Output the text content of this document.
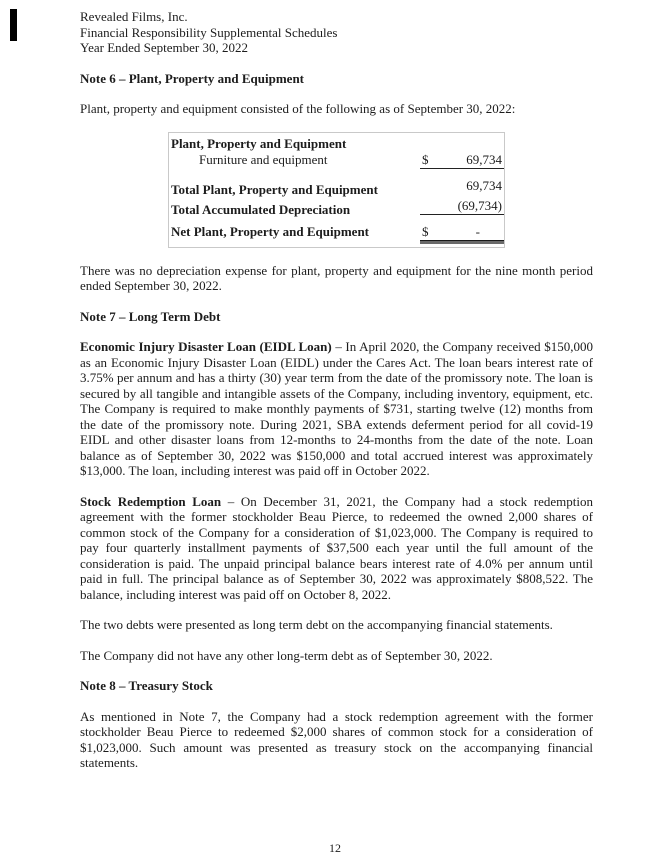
Revealed Films, Inc.
Financial Responsibility Supplemental Schedules
Year Ended September 30, 2022

Note 6 – Plant, Property and Equipment

Plant, property and equipment consisted of the following as of September 30, 2022:

Plant, Property and Equipment
Furniture and equipment	$	69,734
Total Plant, Property and Equipment	69,734
Total Accumulated Depreciation	(69,734)
Net Plant, Property and Equipment	$	-

There was no depreciation expense for plant, property and equipment for the nine month period ended September 30, 2022.

Note 7 – Long Term Debt

Economic Injury Disaster Loan (EIDL Loan) – In April 2020, the Company received $150,000 as an Economic Injury Disaster Loan (EIDL) under the Cares Act. The loan bears interest rate of 3.75% per annum and has a thirty (30) year term from the date of the promissory note. The loan is secured by all tangible and intangible assets of the Company, including inventory, equipment, etc. The Company is required to make monthly payments of $731, starting twelve (12) months from the date of the promissory note. During 2021, SBA extends deferment period for all covid-19 EIDL and other disaster loans from 12-months to 24-months from the date of the note. Loan balance as of September 30, 2022 was $150,000 and total accrued interest was approximately $13,000. The loan, including interest was paid off in October 2022.

Stock Redemption Loan – On December 31, 2021, the Company had a stock redemption agreement with the former stockholder Beau Pierce, to redeemed the owned 2,000 shares of common stock of the Company for a consideration of $1,023,000. The Company is required to pay four quarterly installment payments of $37,500 each year until the full amount of the consideration is paid. The unpaid principal balance bears interest rate of 4.0% per annum until paid in full. The principal balance as of September 30, 2022 was approximately $808,522. The balance, including interest was paid off on October 8, 2022.

The two debts were presented as long term debt on the accompanying financial statements.

The Company did not have any other long-term debt as of September 30, 2022.

Note 8 – Treasury Stock

As mentioned in Note 7, the Company had a stock redemption agreement with the former stockholder Beau Pierce to redeemed $2,000 shares of common stock for a consideration of $1,023,000. Such amount was presented as treasury stock on the accompanying financial statements.

12
